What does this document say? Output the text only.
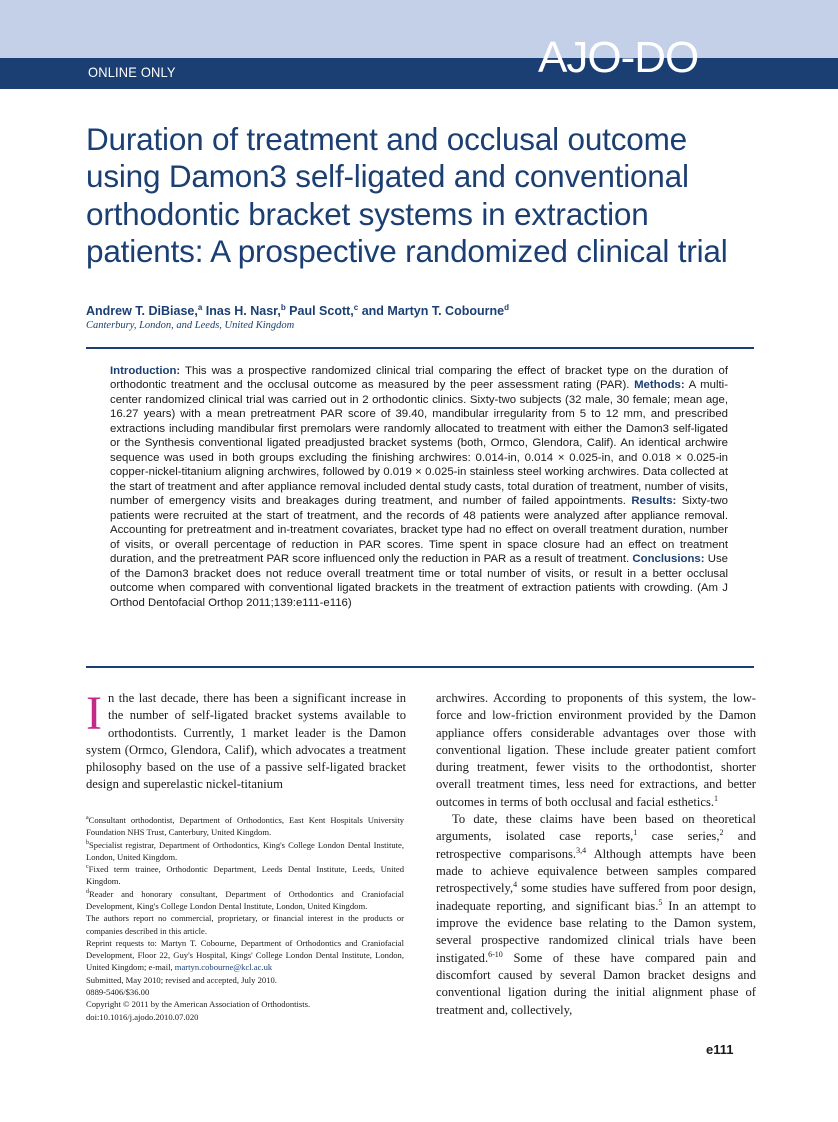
ONLINE ONLY	AJO-DO
Duration of treatment and occlusal outcome
using Damon3 self-ligated and conventional
orthodontic bracket systems in extraction
patients: A prospective randomized clinical trial
Andrew T. DiBiase,$^a$ Inas H. Nasr,$^b$ Paul Scott,$^c$ and Martyn T. Cobourne$^d$
Canterbury, London, and Leeds, United Kingdom
Introduction: This was a prospective randomized clinical trial comparing the effect of bracket type on the duration of orthodontic treatment and the occlusal outcome as measured by the peer assessment rating (PAR). Methods: A multi-center randomized clinical trial was carried out in 2 orthodontic clinics. Sixty-two subjects (32 male, 30 female; mean age, 16.27 years) with a mean pretreatment PAR score of 39.40, mandibular irregularity from 5 to 12 mm, and prescribed extractions including mandibular first premolars were randomly allocated to treatment with either the Damon3 self-ligated or the Synthesis conventional ligated preadjusted bracket systems (both, Ormco, Glendora, Calif). An identical archwire sequence was used in both groups excluding the finishing archwires: 0.014-in, 0.014 × 0.025-in, and 0.018 × 0.025-in copper-nickel-titanium aligning archwires, followed by 0.019 × 0.025-in stainless steel working archwires. Data collected at the start of treatment and after appliance removal included dental study casts, total duration of treatment, number of visits, number of emergency visits and breakages during treatment, and number of failed appointments. Results: Sixty-two patients were recruited at the start of treatment, and the records of 48 patients were analyzed after appliance removal. Accounting for pretreatment and in-treatment covariates, bracket type had no effect on overall treatment duration, number of visits, or overall percentage of reduction in PAR scores. Time spent in space closure had an effect on treatment duration, and the pretreatment PAR score influenced only the reduction in PAR as a result of treatment. Conclusions: Use of the Damon3 bracket does not reduce overall treatment time or total number of visits, or result in a better occlusal outcome when compared with conventional ligated brackets in the treatment of extraction patients with crowding. (Am J Orthod Dentofacial Orthop 2011;139:e111-e116)

In the last decade, there has been a significant increase in the number of self-ligated bracket systems available to orthodontists. Currently, 1 market leader is the Damon system (Ormco, Glendora, Calif), which advocates a treatment philosophy based on the use of a passive self-ligated bracket design and superelastic nickel-titanium

$^a$Consultant orthodontist, Department of Orthodontics, East Kent Hospitals University Foundation NHS Trust, Canterbury, United Kingdom.

$^b$Specialist registrar, Department of Orthodontics, King's College London Dental Institute, London, United Kingdom.

$^c$Fixed term trainee, Orthodontic Department, Leeds Dental Institute, Leeds, United Kingdom.

$^d$Reader and honorary consultant, Department of Orthodontics and Craniofacial Development, King's College London Dental Institute, London, United Kingdom.

The authors report no commercial, proprietary, or financial interest in the products or companies described in this article.

Reprint requests to: Martyn T. Cobourne, Department of Orthodontics and Craniofacial Development, Floor 22, Guy's Hospital, Kings' College London Dental Institute, London, United Kingdom; e-mail, martyn.cobourne@kcl.ac.uk

Submitted, May 2010; revised and accepted, July 2010.

0889-5406/$36.00

Copyright © 2011 by the American Association of Orthodontists.

doi:10.1016/j.ajodo.2010.07.020

archwires. According to proponents of this system, the low-force and low-friction environment provided by the Damon appliance offers considerable advantages over those with conventional ligation. These include greater patient comfort during treatment, fewer visits to the orthodontist, shorter overall treatment times, less need for extractions, and better outcomes in terms of both occlusal and facial esthetics.$^1$

To date, these claims have been based on theoretical arguments, isolated case reports,$^1$ case series,$^2$ and retrospective comparisons.$^{3,4}$ Although attempts have been made to achieve equivalence between samples compared retrospectively,$^4$ some studies have suffered from poor design, inadequate reporting, and significant bias.$^5$ In an attempt to improve the evidence base relating to the Damon system, several prospective randomized clinical trials have been instigated.$^{6-10}$ Some of these have compared pain and discomfort caused by several Damon bracket designs and conventional ligation during the initial alignment phase of treatment and, collectively,

e111
